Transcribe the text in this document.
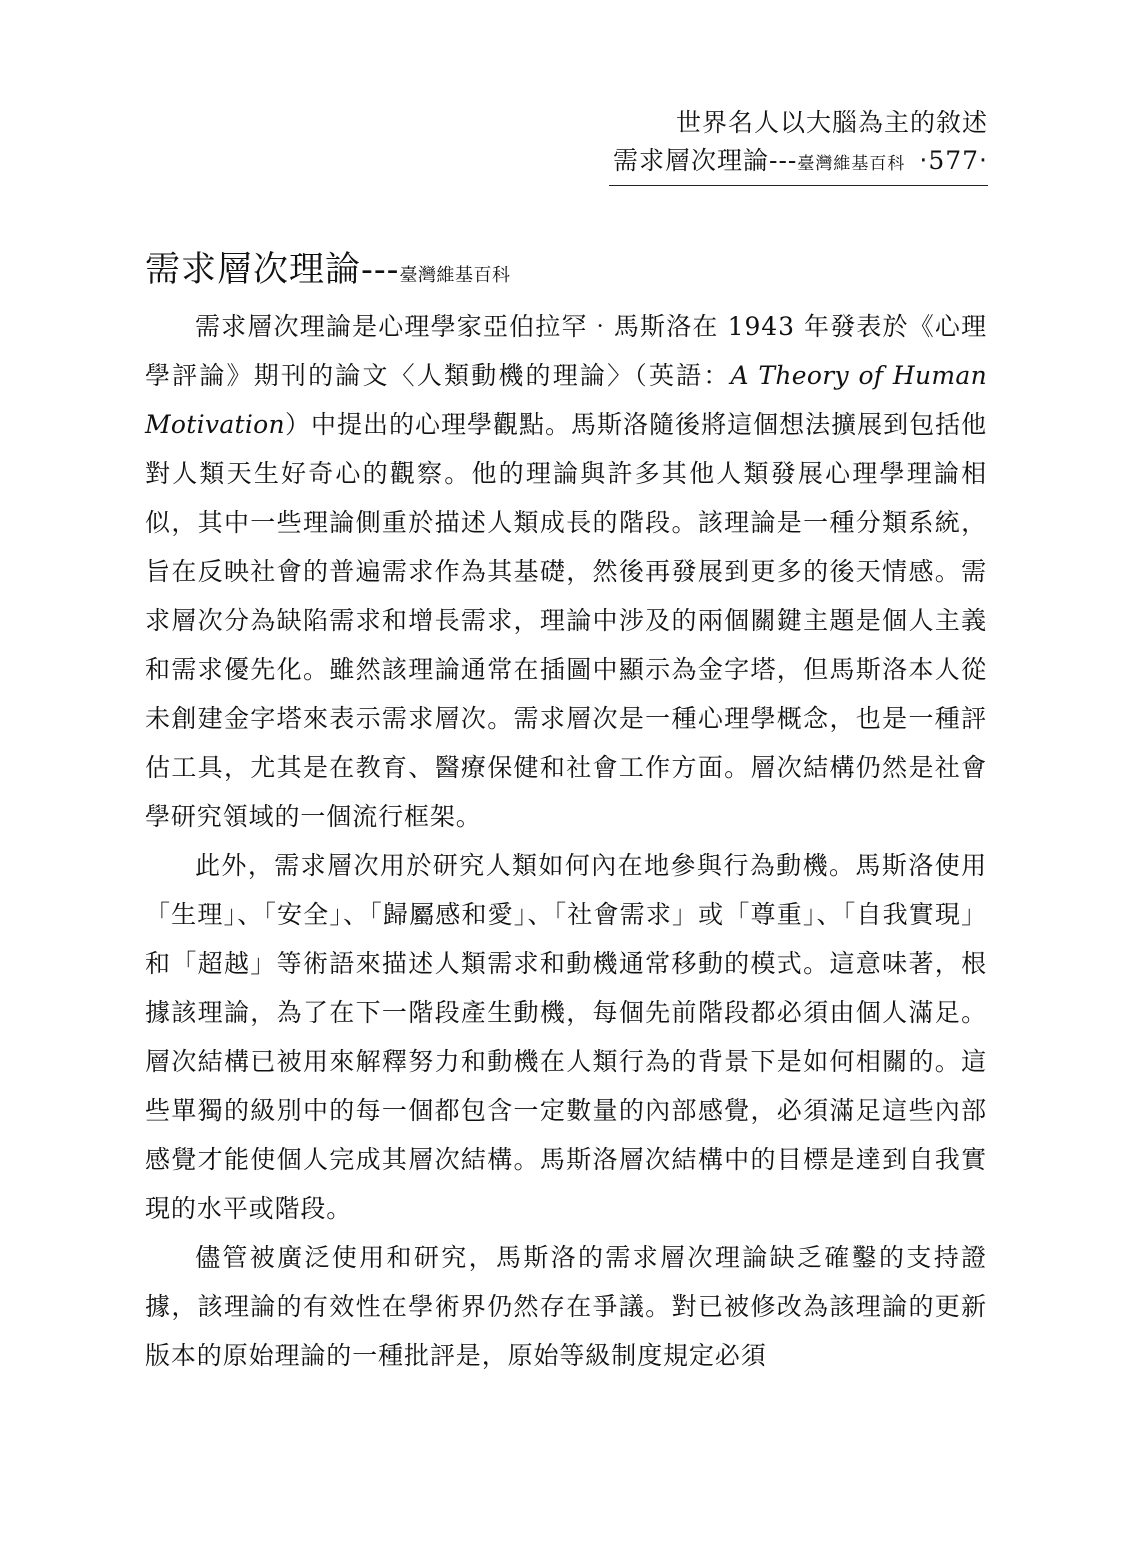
世界名人以大腦為主的敘述
需求層次理論---臺灣維基百科 ‧577‧
需求層次理論---臺灣維基百科

需求層次理論是心理學家亞伯拉罕‧馬斯洛在 1943 年發表於《心理學評論》期刊的論文〈人類動機的理論〉（英語：A Theory of Human Motivation）中提出的心理學觀點。馬斯洛隨後將這個想法擴展到包括他對人類天生好奇心的觀察。他的理論與許多其他人類發展心理學理論相似，其中一些理論側重於描述人類成長的階段。該理論是一種分類系統，旨在反映社會的普遍需求作為其基礎，然後再發展到更多的後天情感。需求層次分為缺陷需求和增長需求，理論中涉及的兩個關鍵主題是個人主義和需求優先化。雖然該理論通常在插圖中顯示為金字塔，但馬斯洛本人從未創建金字塔來表示需求層次。需求層次是一種心理學概念，也是一種評估工具，尤其是在教育、醫療保健和社會工作方面。層次結構仍然是社會學研究領域的一個流行框架。

此外，需求層次用於研究人類如何內在地參與行為動機。馬斯洛使用「生理」、「安全」、「歸屬感和愛」、「社會需求」或「尊重」、「自我實現」和「超越」等術語來描述人類需求和動機通常移動的模式。這意味著，根據該理論，為了在下一階段產生動機，每個先前階段都必須由個人滿足。層次結構已被用來解釋努力和動機在人類行為的背景下是如何相關的。這些單獨的級別中的每一個都包含一定數量的內部感覺，必須滿足這些內部感覺才能使個人完成其層次結構。馬斯洛層次結構中的目標是達到自我實現的水平或階段。

儘管被廣泛使用和研究，馬斯洛的需求層次理論缺乏確鑿的支持證據，該理論的有效性在學術界仍然存在爭議。對已被修改為該理論的更新版本的原始理論的一種批評是，原始等級制度規定必須
